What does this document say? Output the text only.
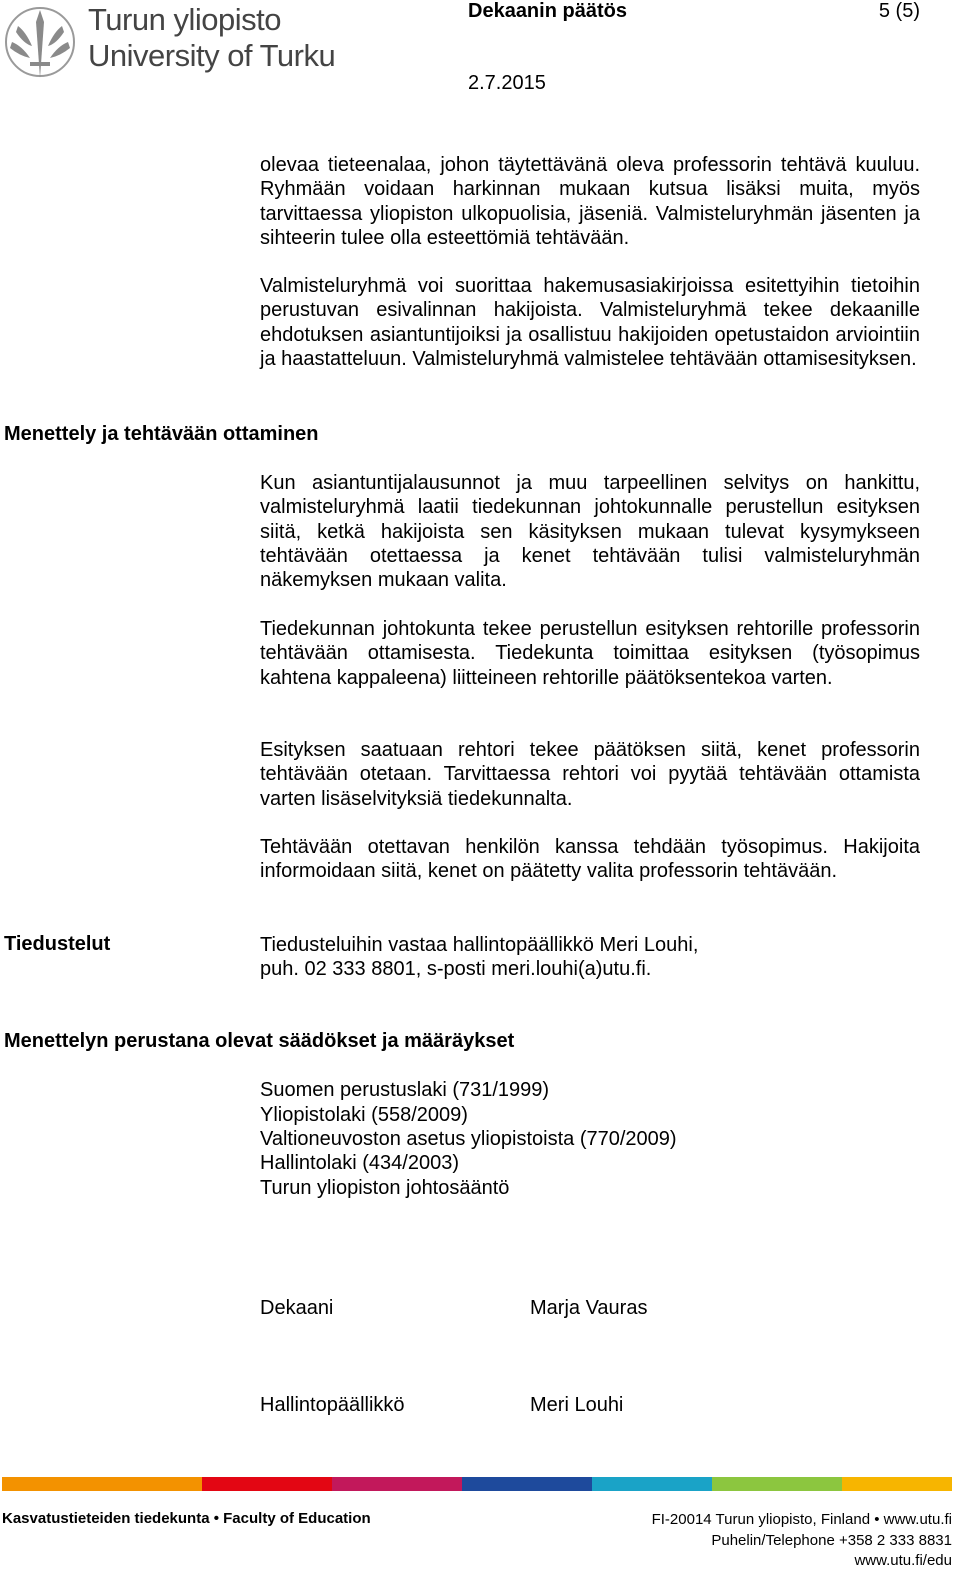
Turun yliopisto
University of Turku
Dekaanin päätös	5 (5)
2.7.2015

olevaa tieteenalaa, johon täytettävänä oleva professorin tehtävä kuuluu. Ryhmään voidaan harkinnan mukaan kutsua lisäksi muita, myös tarvittaessa yliopiston ulkopuolisia, jäseniä. Valmisteluryhmän jäsenten ja sihteerin tulee olla esteettömiä tehtävään.

Valmisteluryhmä voi suorittaa hakemusasiakirjoissa esitettyihin tietoihin perustuvan esivalinnan hakijoista. Valmisteluryhmä tekee dekaanille ehdotuksen asiantuntijoiksi ja osallistuu hakijoiden opetustaidon arviointiin ja haastatteluun. Valmisteluryhmä valmistelee tehtävään ottamisesityksen.

Menettely ja tehtävään ottaminen

Kun asiantuntijalausunnot ja muu tarpeellinen selvitys on hankittu, valmisteluryhmä laatii tiedekunnan johtokunnalle perustellun esityksen siitä, ketkä hakijoista sen käsityksen mukaan tulevat kysymykseen tehtävään otettaessa ja kenet tehtävään tulisi valmisteluryhmän näkemyksen mukaan valita.

Tiedekunnan johtokunta tekee perustellun esityksen rehtorille professorin tehtävään ottamisesta. Tiedekunta toimittaa esityksen (työsopimus kahtena kappaleena) liitteineen rehtorille päätöksentekoa varten.

Esityksen saatuaan rehtori tekee päätöksen siitä, kenet professorin tehtävään otetaan. Tarvittaessa rehtori voi pyytää tehtävään ottamista varten lisäselvityksiä tiedekunnalta.

Tehtävään otettavan henkilön kanssa tehdään työsopimus. Hakijoita informoidaan siitä, kenet on päätetty valita professorin tehtävään.

Tiedustelut	Tiedusteluihin vastaa hallintopäällikkö Meri Louhi,
puh. 02 333 8801, s-posti meri.louhi(a)utu.fi.
Menettelyn perustana olevat säädökset ja määräykset
Suomen perustuslaki (731/1999)
Yliopistolaki (558/2009)
Valtioneuvoston asetus yliopistoista (770/2009)
Hallintolaki (434/2003)
Turun yliopiston johtosääntö
Dekaani	Marja Vauras
Hallintopäällikkö	Meri Louhi
Kasvatustieteiden tiedekunta • Faculty of Education	FI-20014 Turun yliopisto, Finland • www.utu.fi
Puhelin/Telephone +358 2 333 8831
www.utu.fi/edu
